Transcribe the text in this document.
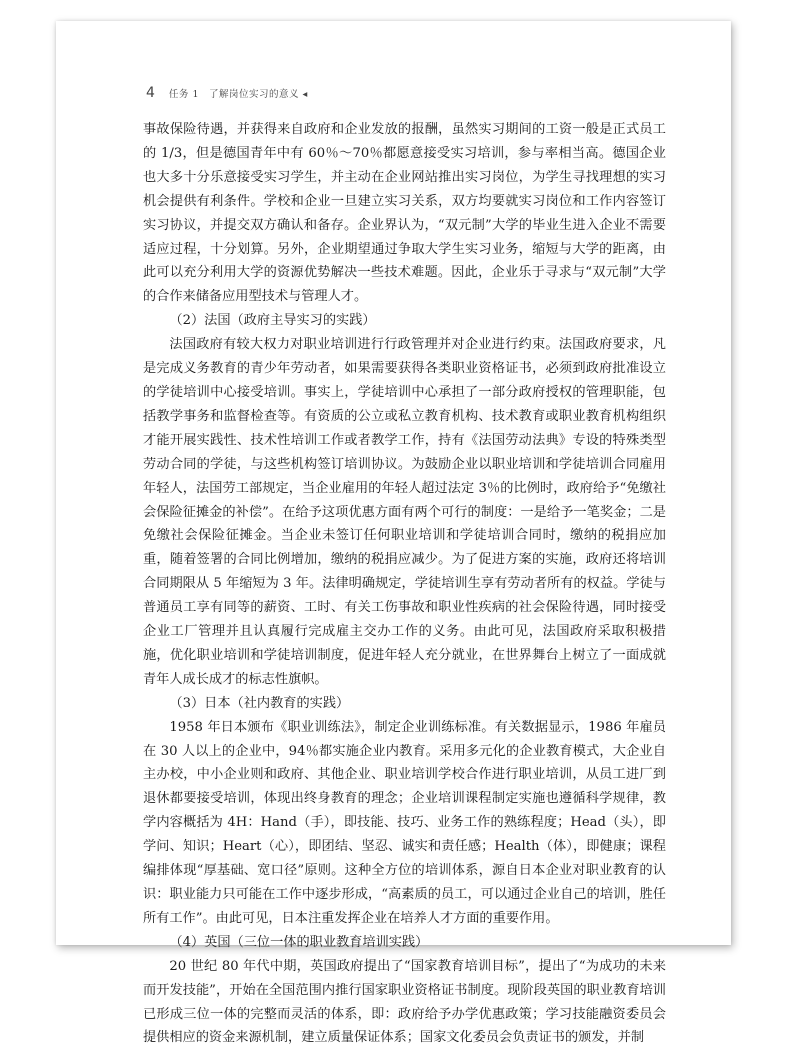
4 任务 1　了解岗位实习的意义 ◂

事故保险待遇，并获得来自政府和企业发放的报酬，虽然实习期间的工资一般是正式员工的 1/3，但是德国青年中有 60％～70％都愿意接受实习培训，参与率相当高。德国企业也大多十分乐意接受实习学生，并主动在企业网站推出实习岗位，为学生寻找理想的实习机会提供有利条件。学校和企业一旦建立实习关系，双方均要就实习岗位和工作内容签订实习协议，并提交双方确认和备存。企业界认为，“双元制”大学的毕业生进入企业不需要适应过程，十分划算。另外，企业期望通过争取大学生实习业务，缩短与大学的距离，由此可以充分利用大学的资源优势解决一些技术难题。因此，企业乐于寻求与“双元制”大学的合作来储备应用型技术与管理人才。

（2）法国（政府主导实习的实践）

法国政府有较大权力对职业培训进行行政管理并对企业进行约束。法国政府要求，凡是完成义务教育的青少年劳动者，如果需要获得各类职业资格证书，必须到政府批准设立的学徒培训中心接受培训。事实上，学徒培训中心承担了一部分政府授权的管理职能，包括教学事务和监督检查等。有资质的公立或私立教育机构、技术教育或职业教育机构组织才能开展实践性、技术性培训工作或者教学工作，持有《法国劳动法典》专设的特殊类型劳动合同的学徒，与这些机构签订培训协议。为鼓励企业以职业培训和学徒培训合同雇用年轻人，法国劳工部规定，当企业雇用的年轻人超过法定 3％的比例时，政府给予“免缴社会保险征摊金的补偿”。在给予这项优惠方面有两个可行的制度：一是给予一笔奖金；二是免缴社会保险征摊金。当企业未签订任何职业培训和学徒培训合同时，缴纳的税捐应加重，随着签署的合同比例增加，缴纳的税捐应减少。为了促进方案的实施，政府还将培训合同期限从 5 年缩短为 3 年。法律明确规定，学徒培训生享有劳动者所有的权益。学徒与普通员工享有同等的薪资、工时、有关工伤事故和职业性疾病的社会保险待遇，同时接受企业工厂管理并且认真履行完成雇主交办工作的义务。由此可见，法国政府采取积极措施，优化职业培训和学徒培训制度，促进年轻人充分就业，在世界舞台上树立了一面成就青年人成长成才的标志性旗帜。

（3）日本（社内教育的实践）

1958 年日本颁布《职业训练法》，制定企业训练标准。有关数据显示，1986 年雇员在 30 人以上的企业中，94％都实施企业内教育。采用多元化的企业教育模式，大企业自主办校，中小企业则和政府、其他企业、职业培训学校合作进行职业培训，从员工进厂到退休都要接受培训，体现出终身教育的理念；企业培训课程制定实施也遵循科学规律，教学内容概括为 4H：Hand（手），即技能、技巧、业务工作的熟练程度；Head（头），即学问、知识；Heart（心），即团结、坚忍、诚实和责任感；Health（体），即健康；课程编排体现“厚基础、宽口径”原则。这种全方位的培训体系，源自日本企业对职业教育的认识：职业能力只可能在工作中逐步形成，“高素质的员工，可以通过企业自己的培训，胜任所有工作”。由此可见，日本注重发挥企业在培养人才方面的重要作用。

（4）英国（三位一体的职业教育培训实践）

20 世纪 80 年代中期，英国政府提出了“国家教育培训目标”，提出了“为成功的未来而开发技能”，开始在全国范围内推行国家职业资格证书制度。现阶段英国的职业教育培训已形成三位一体的完整而灵活的体系，即：政府给予办学优惠政策；学习技能融资委员会提供相应的资金来源机制，建立质量保证体系；国家文化委员会负责证书的颁发，并制
